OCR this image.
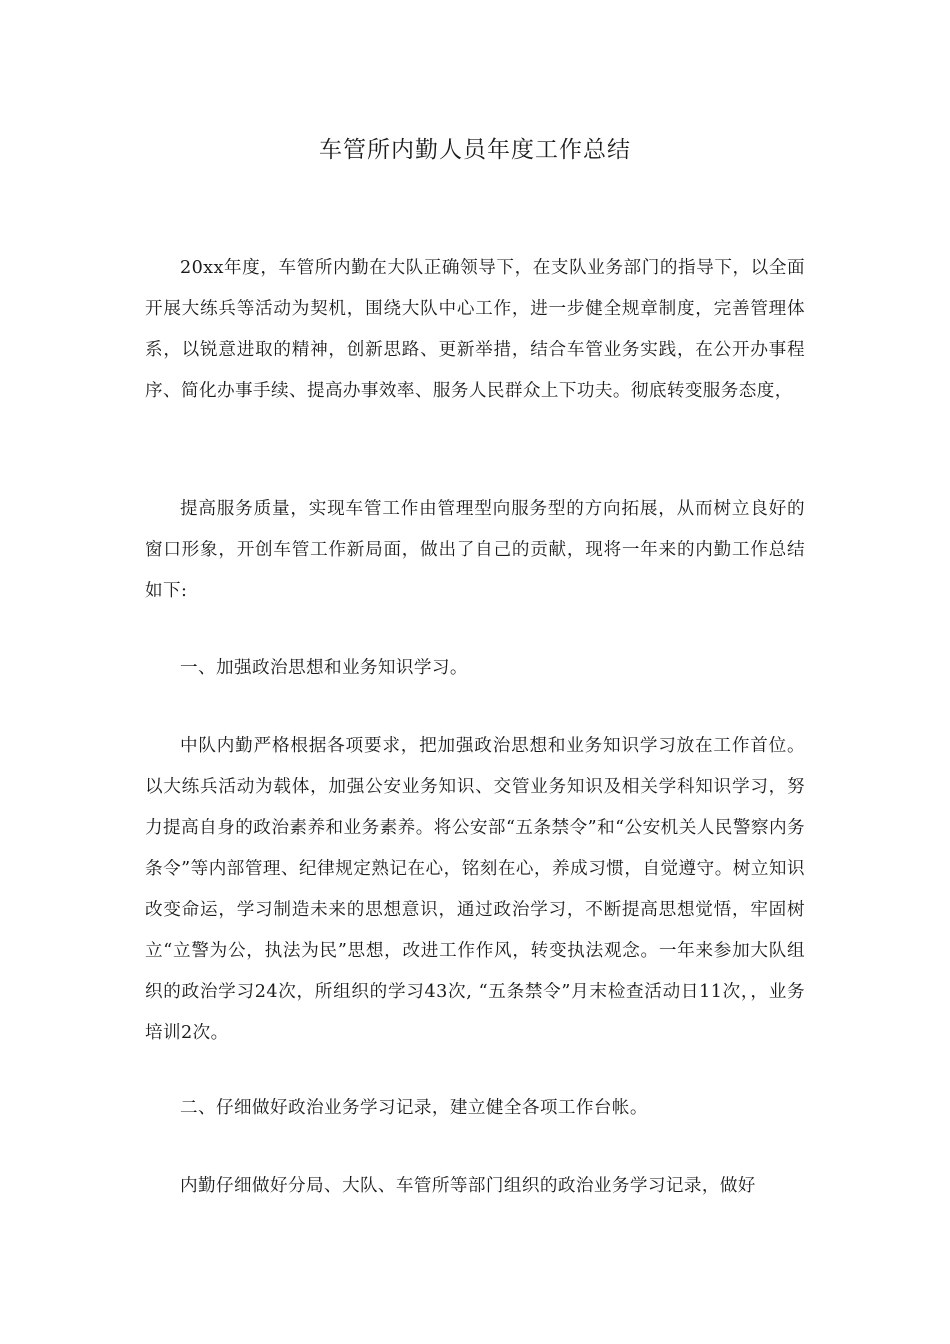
车管所内勤人员年度工作总结

20xx年度，车管所内勤在大队正确领导下，在支队业务部门的指导下，以全面开展大练兵等活动为契机，围绕大队中心工作，进一步健全规章制度，完善管理体系，以锐意进取的精神，创新思路、更新举措，结合车管业务实践，在公开办事程序、简化办事手续、提高办事效率、服务人民群众上下功夫。彻底转变服务态度，

提高服务质量，实现车管工作由管理型向服务型的方向拓展，从而树立良好的窗口形象，开创车管工作新局面，做出了自己的贡献，现将一年来的内勤工作总结如下:

一、加强政治思想和业务知识学习。

中队内勤严格根据各项要求，把加强政治思想和业务知识学习放在工作首位。以大练兵活动为载体，加强公安业务知识、交管业务知识及相关学科知识学习，努力提高自身的政治素养和业务素养。将公安部“五条禁令”和“公安机关人民警察内务条令”等内部管理、纪律规定熟记在心，铭刻在心，养成习惯，自觉遵守。树立知识改变命运，学习制造未来的思想意识，通过政治学习，不断提高思想觉悟，牢固树立“立警为公，执法为民”思想，改进工作作风，转变执法观念。一年来参加大队组织的政治学习24次，所组织的学习43次, “五条禁令”月末检查活动日11次，，业务培训2次。

二、仔细做好政治业务学习记录，建立健全各项工作台帐。

内勤仔细做好分局、大队、车管所等部门组织的政治业务学习记录，做好
